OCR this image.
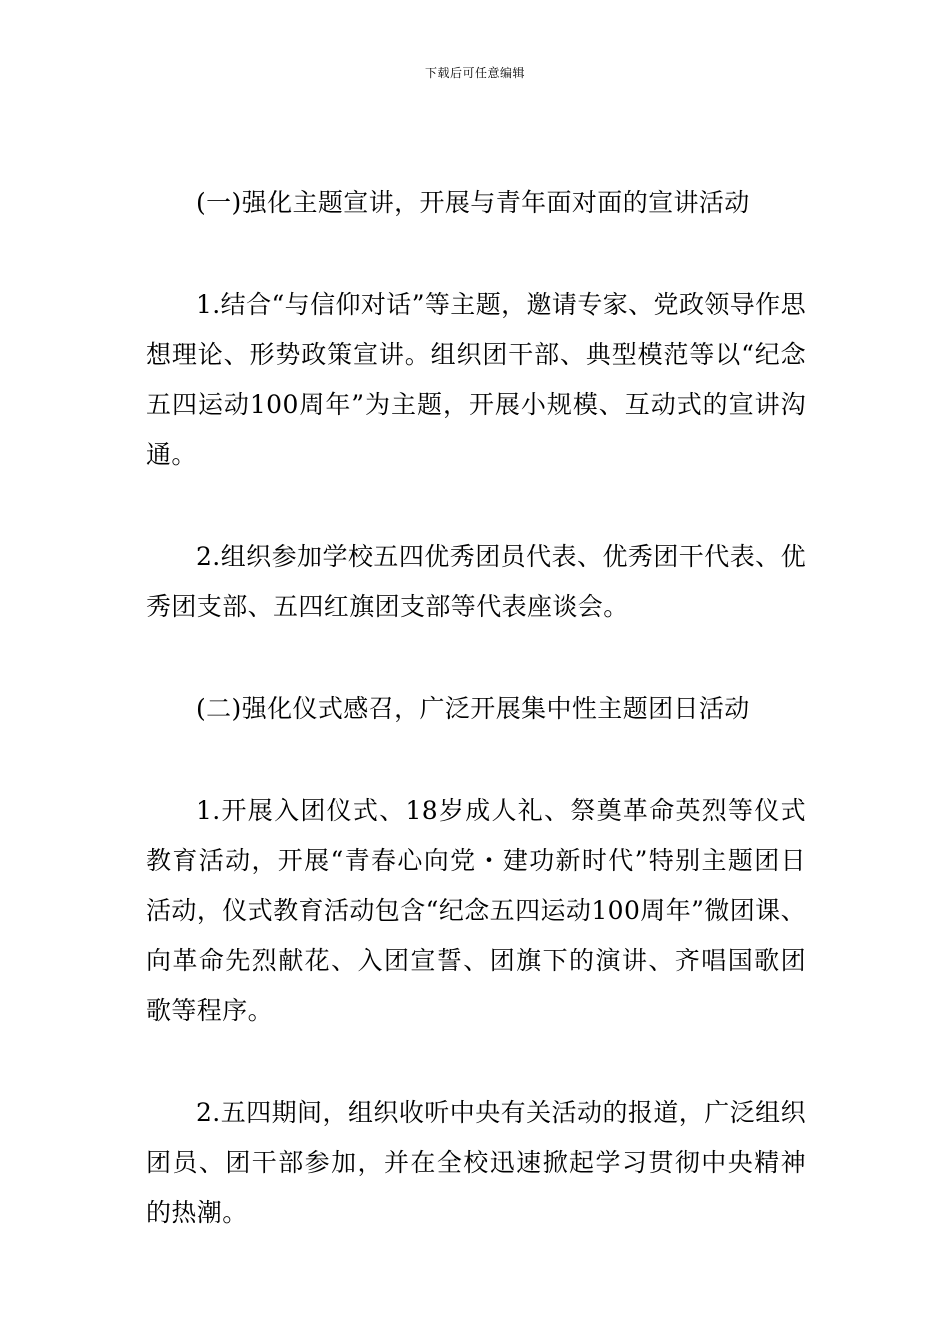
下载后可任意编辑

(一)强化主题宣讲，开展与青年面对面的宣讲活动

1.结合“与信仰对话”等主题，邀请专家、党政领导作思想理论、形势政策宣讲。组织团干部、典型模范等以“纪念五四运动100周年”为主题，开展小规模、互动式的宣讲沟通。

2.组织参加学校五四优秀团员代表、优秀团干代表、优秀团支部、五四红旗团支部等代表座谈会。

(二)强化仪式感召，广泛开展集中性主题团日活动

1.开展入团仪式、18岁成人礼、祭奠革命英烈等仪式教育活动，开展“青春心向党・建功新时代”特别主题团日活动，仪式教育活动包含“纪念五四运动100周年”微团课、向革命先烈献花、入团宣誓、团旗下的演讲、齐唱国歌团歌等程序。

2.五四期间，组织收听中央有关活动的报道，广泛组织团员、团干部参加，并在全校迅速掀起学习贯彻中央精神的热潮。
